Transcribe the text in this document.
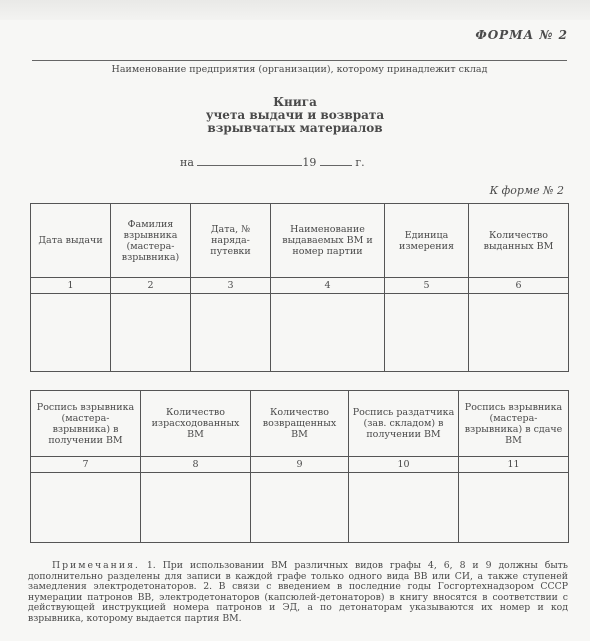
ФОРМА № 2
Наименование предприятия (организации), которому принадлежит склад
Книга
учета выдачи и возврата
взрывчатых материалов
на	19	г.
К форме № 2
Дата выдачи	Фамилия взрывника (мастера-взрывника)	Дата, № наряда-путевки	Наименование выдаваемых ВМ и номер партии	Единица измерения	Количество выданных ВМ
1	2	3	4	5	6

Роспись взрывника (мастера-взрывника) в получении ВМ	Количество израсходованных ВМ	Количество возвращенных ВМ	Роспись раздатчика (зав. складом) в получении ВМ	Роспись взрывника (мастера-взрывника) в сдаче ВМ
7	8	9	10	11

Примечания. 1. При использовании ВМ различных видов графы 4, 6, 8 и 9 должны быть дополнительно разделены для записи в каждой графе только одного вида ВВ или СИ, а также ступеней замедления электродетонаторов. 2. В связи с введением в последние годы Госгортехнадзором СССР нумерации патронов ВВ, электродетонаторов (капсюлей-детонаторов) в книгу вносятся в соответствии с действующей инструкцией номера патронов и ЭД, а по детонаторам указываются их номер и код взрывника, которому выдается партия ВМ.
